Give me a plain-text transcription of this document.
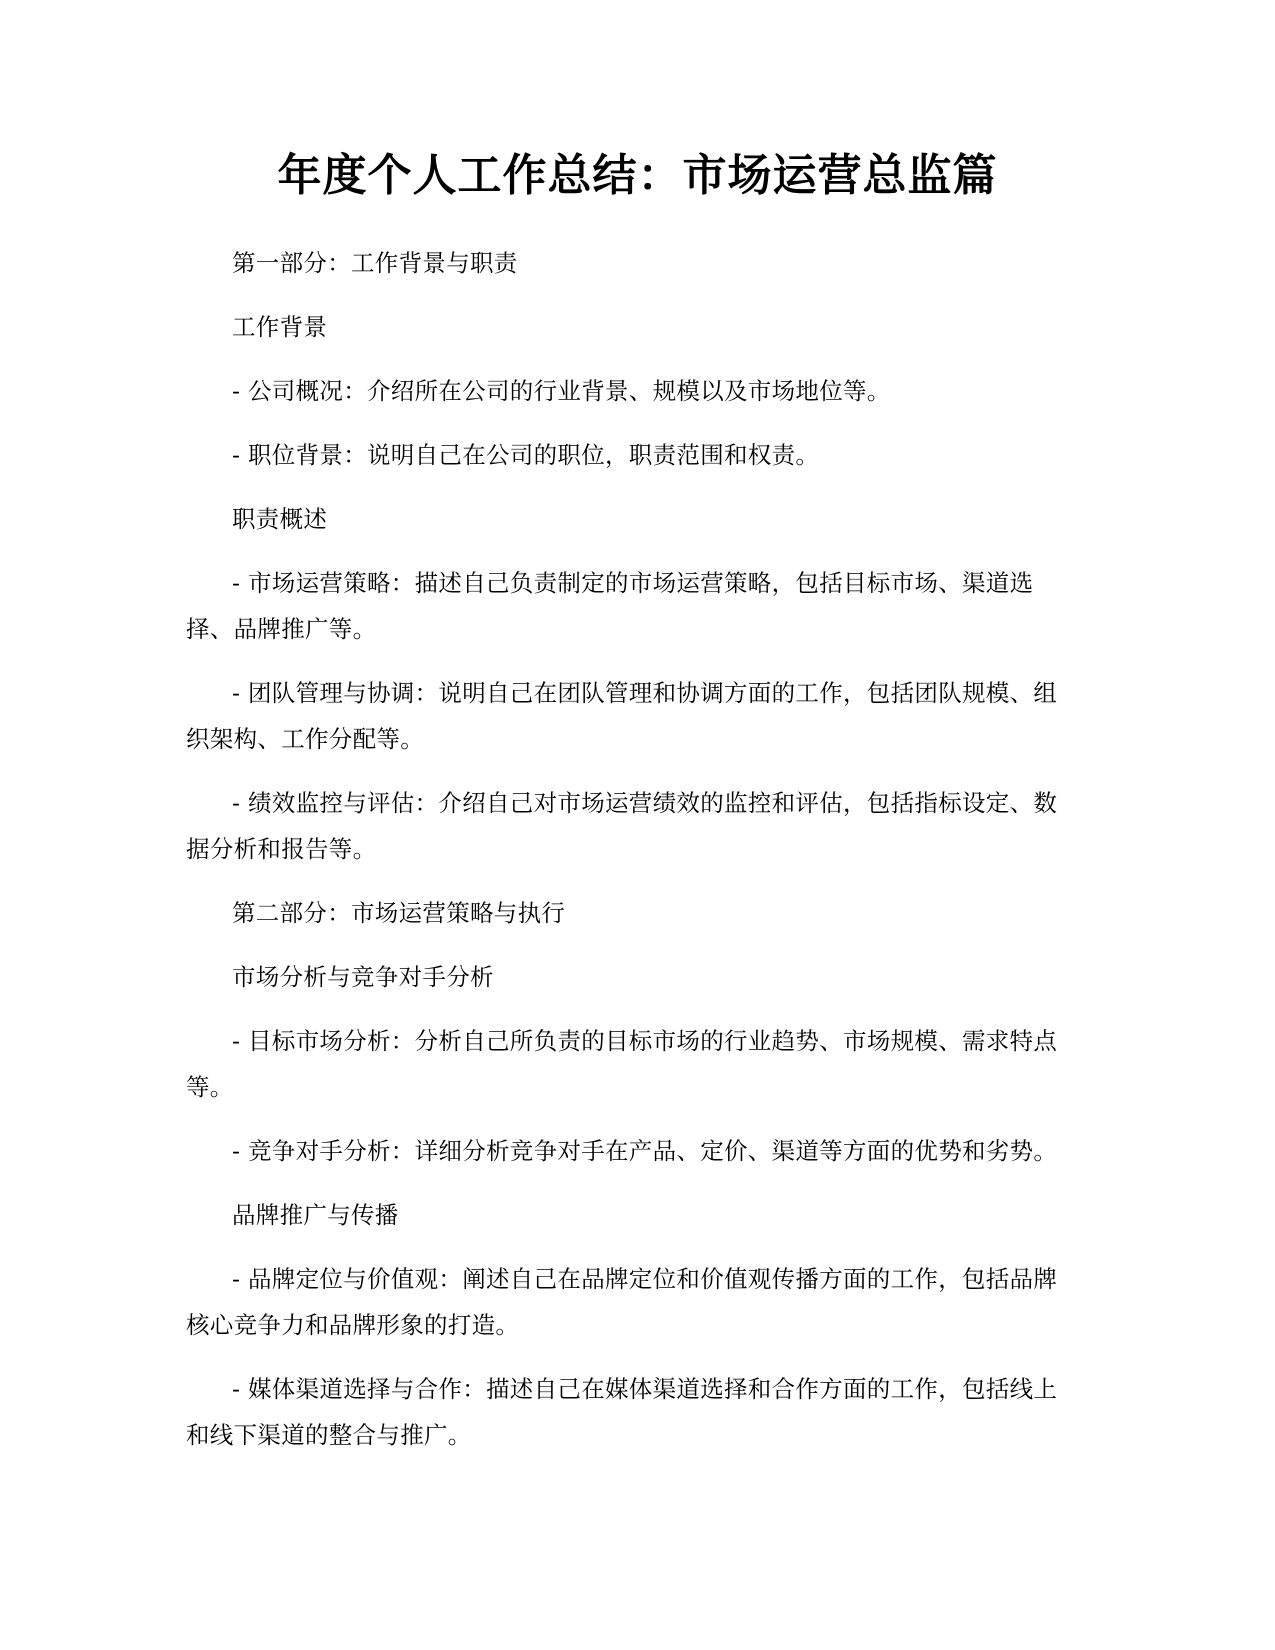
年度个人工作总结：市场运营总监篇

第一部分：工作背景与职责

工作背景

- 公司概况：介绍所在公司的行业背景、规模以及市场地位等。

- 职位背景：说明自己在公司的职位，职责范围和权责。

职责概述

- 市场运营策略：描述自己负责制定的市场运营策略，包括目标市场、渠道选择、品牌推广等。

- 团队管理与协调：说明自己在团队管理和协调方面的工作，包括团队规模、组织架构、工作分配等。

- 绩效监控与评估：介绍自己对市场运营绩效的监控和评估，包括指标设定、数据分析和报告等。

第二部分：市场运营策略与执行

市场分析与竞争对手分析

- 目标市场分析：分析自己所负责的目标市场的行业趋势、市场规模、需求特点等。

- 竞争对手分析：详细分析竞争对手在产品、定价、渠道等方面的优势和劣势。

品牌推广与传播

- 品牌定位与价值观：阐述自己在品牌定位和价值观传播方面的工作，包括品牌核心竞争力和品牌形象的打造。

- 媒体渠道选择与合作：描述自己在媒体渠道选择和合作方面的工作，包括线上和线下渠道的整合与推广。
